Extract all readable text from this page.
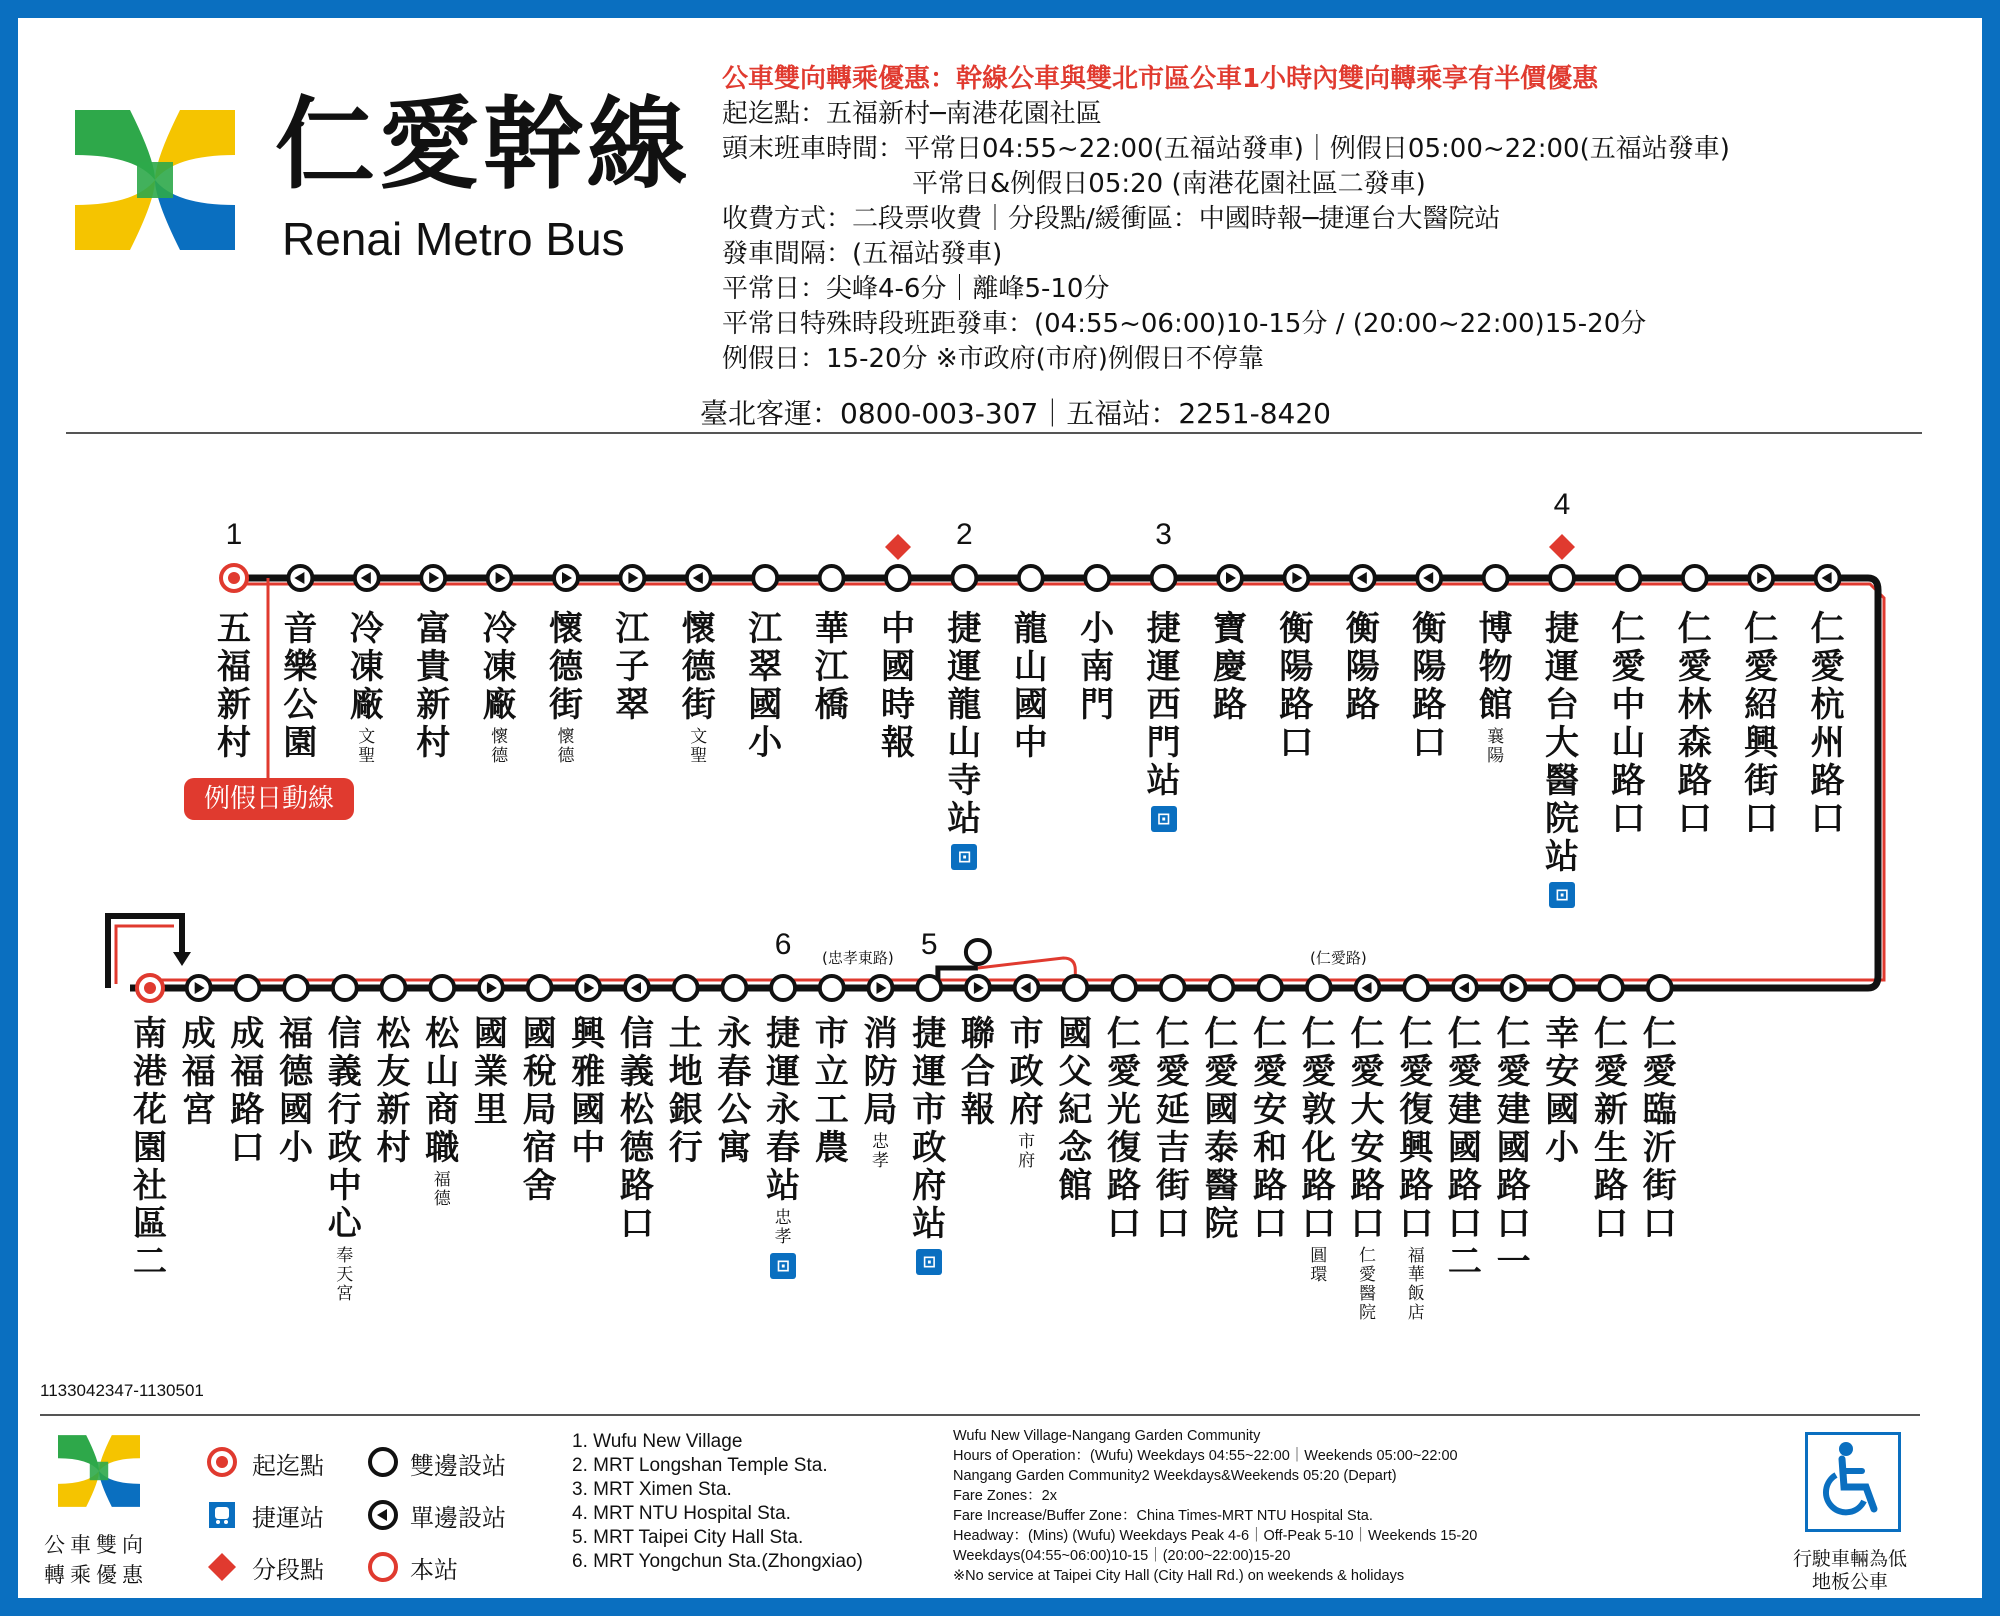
仁愛幹線
Renai Metro Bus
公車雙向轉乘優惠：幹線公車與雙北市區公車1小時內雙向轉乘享有半價優惠
起迄點：五福新村─南港花園社區
頭末班車時間：平常日04:55~22:00(五福站發車)｜例假日05:00~22:00(五福站發車)
平常日&例假日05:20 (南港花園社區二發車)
收費方式：二段票收費｜分段點/緩衝區：中國時報─捷運台大醫院站
發車間隔：(五福站發車)
平常日：尖峰4-6分｜離峰5-10分
平常日特殊時段班距發車：(04:55~06:00)10-15分 / (20:00~22:00)15-20分
例假日：15-20分 ※市政府(市府)例假日不停靠
臺北客運：0800-003-307｜五福站：2251-8420
五福新村
1
音樂公園
冷凍廠
文聖
富貴新村
冷凍廠
懷德
懷德街
懷德
江子翠
懷德街
文聖
江翠國小
華江橋
中國時報
捷運龍山寺站
⊡
2
龍山國中
小南門
捷運西門站
⊡
3
寶慶路
衡陽路口
衡陽路
衡陽路口
博物館
襄陽
捷運台大醫院站
⊡
4
仁愛中山路口
仁愛林森路口
仁愛紹興街口
仁愛杭州路口
南港花園社區二
成福宮
成福路口
福德國小
信義行政中心
奉天宮
松友新村
松山商職
福德
國業里
國稅局宿舍
興雅國中
信義松德路口
土地銀行
永春公寓
捷運永春站
忠孝
⊡
6
市立工農
消防局
忠孝
捷運市政府站
⊡
5
聯合報
市政府
市府
國父紀念館
仁愛光復路口
仁愛延吉街口
仁愛國泰醫院
仁愛安和路口
仁愛敦化路口
圓環
仁愛大安路口
仁愛醫院
仁愛復興路口
福華飯店
仁愛建國路口二
仁愛建國路口一
幸安國小
仁愛新生路口
仁愛臨沂街口
例假日動線
(忠孝東路)	(仁愛路)
1133042347-1130501
公車雙向轉乘優惠
起迄點
捷運站
分段點
雙邊設站
單邊設站
本站
1. Wufu New Village
2. MRT Longshan Temple Sta.
3. MRT Ximen Sta.
4. MRT NTU Hospital Sta.
5. MRT Taipei City Hall Sta.
6. MRT Yongchun Sta.(Zhongxiao)
Wufu New Village-Nangang Garden Community
Hours of Operation：(Wufu) Weekdays 04:55~22:00｜Weekends 05:00~22:00
Nangang Garden Community2 Weekdays&Weekends 05:20 (Depart)
Fare Zones：2x
Fare Increase/Buffer Zone：China Times-MRT NTU Hospital Sta.
Headway：(Mins) (Wufu) Weekdays Peak 4-6｜Off-Peak 5-10｜Weekends 15-20
Weekdays(04:55~06:00)10-15｜(20:00~22:00)15-20
※No service at Taipei City Hall (City Hall Rd.) on weekends & holidays
行駛車輛為低地板公車
